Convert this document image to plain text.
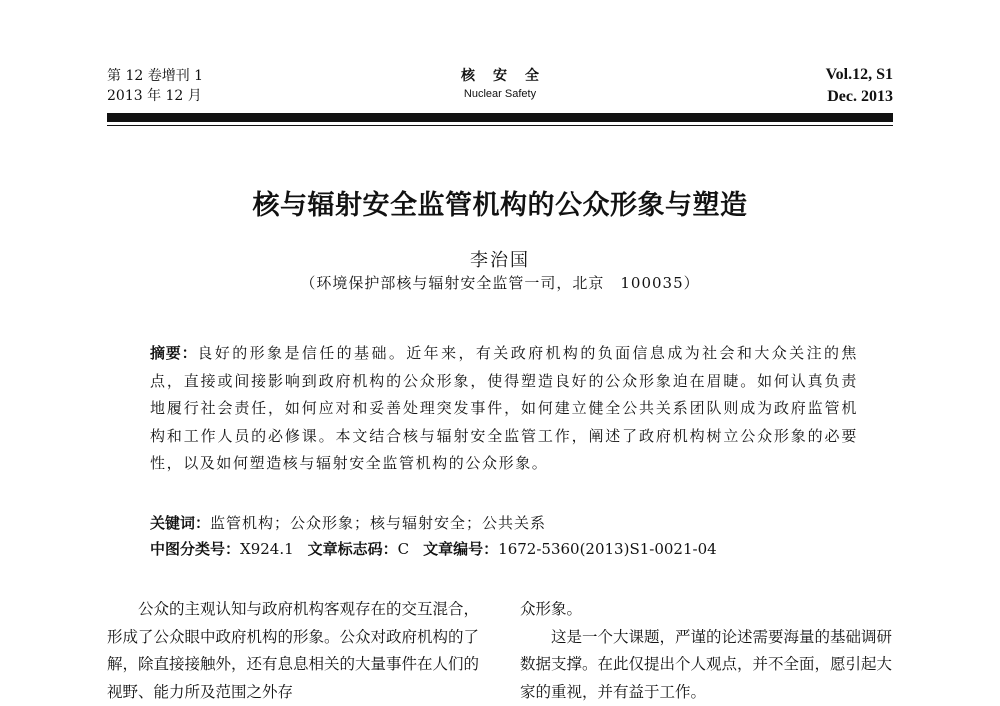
第 12 卷增刊 1
2013 年 12 月
核安全
Nuclear Safety
Vol.12, S1
Dec. 2013
核与辐射安全监管机构的公众形象与塑造
李治国
（环境保护部核与辐射安全监管一司，北京　100035）
摘要：良好的形象是信任的基础。近年来，有关政府机构的负面信息成为社会和大众关注的焦点，直接或间接影响到政府机构的公众形象，使得塑造良好的公众形象迫在眉睫。如何认真负责地履行社会责任，如何应对和妥善处理突发事件，如何建立健全公共关系团队则成为政府监管机构和工作人员的必修课。本文结合核与辐射安全监管工作，阐述了政府机构树立公众形象的必要性，以及如何塑造核与辐射安全监管机构的公众形象。
关键词：监管机构；公众形象；核与辐射安全；公共关系
中图分类号：X924.1 文章标志码：C 文章编号：1672-5360(2013)S1-0021-04

公众的主观认知与政府机构客观存在的交互混合，形成了公众眼中政府机构的形象。公众对政府机构的了解，除直接接触外，还有息息相关的大量事件在人们的视野、能力所及范围之外存

众形象。

这是一个大课题，严谨的论述需要海量的基础调研数据支撑。在此仅提出个人观点，并不全面，愿引起大家的重视，并有益于工作。
